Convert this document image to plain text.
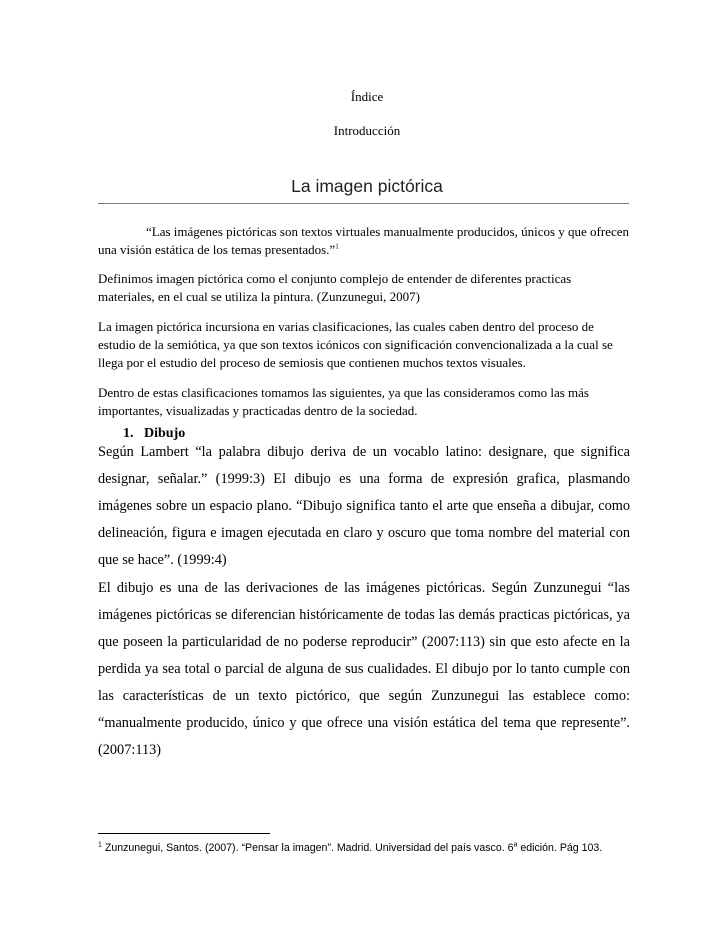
Índice
Introducción
La imagen pictórica

“Las imágenes pictóricas son textos virtuales manualmente producidos, únicos y que ofrecen una visión estática de los temas presentados.”$^1$

Definimos imagen pictórica como el conjunto complejo de entender de diferentes practicas materiales, en el cual se utiliza la pintura. (Zunzunegui, 2007)

La imagen pictórica incursiona en varias clasificaciones, las cuales caben dentro del proceso de estudio de la semiótica, ya que son textos icónicos con significación convencionalizada a la cual se llega por el estudio del proceso de semiosis que contienen muchos textos visuales.

Dentro de estas clasificaciones tomamos las siguientes, ya que las consideramos como las más importantes, visualizadas y practicadas dentro de la sociedad.

1. Dibujo

Según Lambert “la palabra dibujo deriva de un vocablo latino: designare, que significa designar, señalar.” (1999:3) El dibujo es una forma de expresión grafica, plasmando imágenes sobre un espacio plano. “Dibujo significa tanto el arte que enseña a dibujar, como delineación, figura e imagen ejecutada en claro y oscuro que toma nombre del material con que se hace”. (1999:4)

El dibujo es una de las derivaciones de las imágenes pictóricas. Según Zunzunegui “las imágenes pictóricas se diferencian históricamente de todas las demás practicas pictóricas, ya que poseen la particularidad de no poderse reproducir” (2007:113) sin que esto afecte en la perdida ya sea total o parcial de alguna de sus cualidades. El dibujo por lo tanto cumple con las características de un texto pictórico, que según Zunzunegui las establece como: “manualmente producido, único y que ofrece una visión estática del tema que represente”. (2007:113)

$^1$ Zunzunegui, Santos. (2007). “Pensar la imagen”. Madrid. Universidad del país vasco. 6$^a$ edición. Pág 103.
